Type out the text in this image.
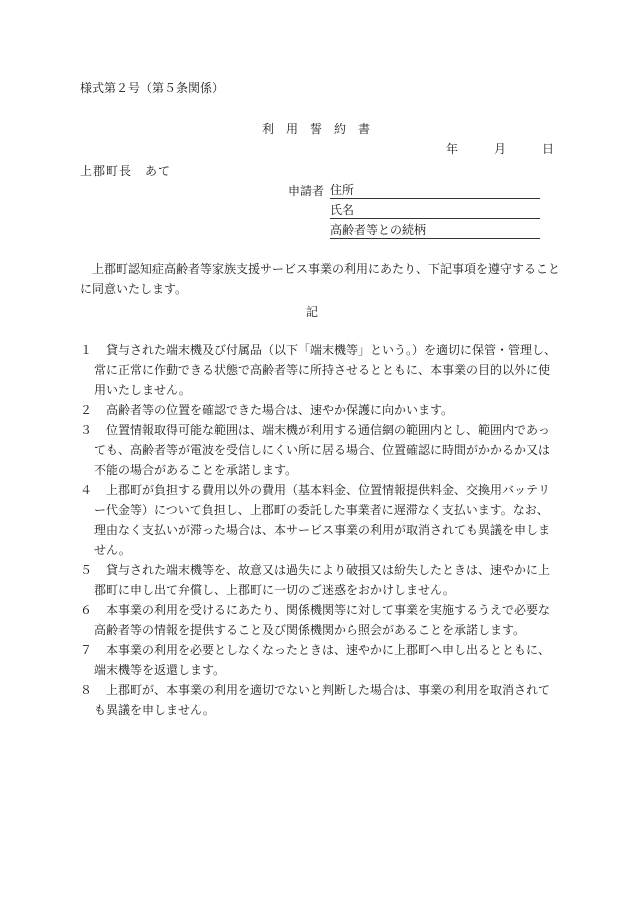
様式第２号（第５条関係）
利用誓約書
年	月	日
上郡町長　あて
申請者 住所
氏名
高齢者等との続柄
上郡町認知症高齢者等家族支援サービス事業の利用にあたり、下記事項を遵守することに同意いたします。
記

１	貸与された端末機及び付属品（以下「端末機等」という。）を適切に保管・管理し、常に正常に作動できる状態で高齢者等に所持させるとともに、本事業の目的以外に使用いたしません。

２	高齢者等の位置を確認できた場合は、速やか保護に向かいます。

３	位置情報取得可能な範囲は、端末機が利用する通信網の範囲内とし、範囲内であっても、高齢者等が電波を受信しにくい所に居る場合、位置確認に時間がかかるか又は不能の場合があることを承諾します。

４	上郡町が負担する費用以外の費用（基本料金、位置情報提供料金、交換用バッテリー代金等）について負担し、上郡町の委託した事業者に遅滞なく支払います。なお、理由なく支払いが滞った場合は、本サービス事業の利用が取消されても異議を申しません。

５	貸与された端末機等を、故意又は過失により破損又は紛失したときは、速やかに上郡町に申し出て弁償し、上郡町に一切のご迷惑をおかけしません。

６	本事業の利用を受けるにあたり、関係機関等に対して事業を実施するうえで必要な高齢者等の情報を提供すること及び関係機関から照会があることを承諾します。

７	本事業の利用を必要としなくなったときは、速やかに上郡町へ申し出るとともに、端末機等を返還します。

８	上郡町が、本事業の利用を適切でないと判断した場合は、事業の利用を取消されても異議を申しません。
